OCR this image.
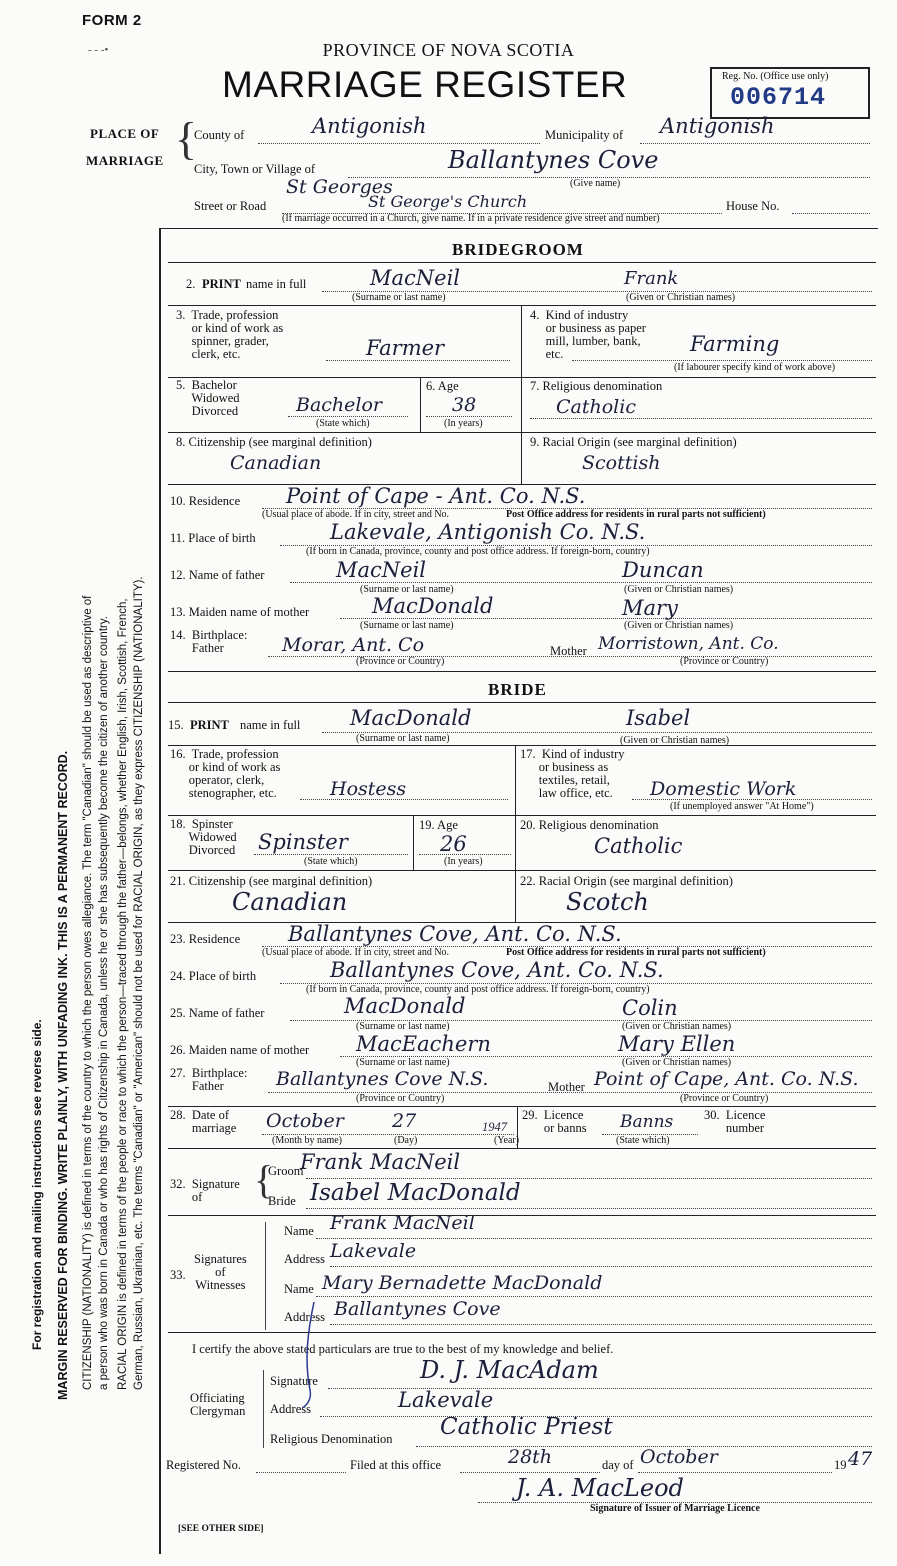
FORM 2
- - -•	PROVINCE OF NOVA SCOTIA
MARRIAGE REGISTER	Reg. No. (Office use only)
006714
PLACE OF
MARRIAGE {
County of	Antigonish	Municipality of Antigonish
City, Town or Village of	Ballantynes Cove
(Give name)
St Georges
Street or Road	St George's Church	House No.
(If marriage occurred in a Church, give name. If in a private residence give street and number)
For registration and mailing instructions see reverse side. MARGIN RESERVED FOR BINDING. WRITE PLAINLY, WITH UNFADING INK. THIS IS A PERMANENT RECORD. CITIZENSHIP (NATIONALITY) is defined in terms of the country to which the person owes allegiance. The term "Canadian" should be used as descriptive of a person who was born in Canada or who has rights of Citizenship in Canada, unless he or she has subsequently become the citizen of another country. RACIAL ORIGIN is defined in terms of the people or race to which the person—traced through the father—belongs, whether English, Irish, Scottish, French, German, Russian, Ukrainian, etc. The terms "Canadian" or "American" should not be used for RACIAL ORIGIN, as they express CITIZENSHIP (NATIONALITY).
BRIDEGROOM
2. PRINT name in full	MacNeil	Frank
(Surname or last name)	(Given or Christian names)
3.  Trade, profession
or kind of work as
spinner, grader,
clerk, etc.	Farmer
4.  Kind of industry
or business as paper
mill, lumber, bank,
etc.	Farming
(If labourer specify kind of work above)
5.  Bachelor
Widowed
Divorced	Bachelor
(State which)
6. Age
38
(In years)
7. Religious denomination
Catholic
8. Citizenship (see marginal definition)
Canadian
9. Racial Origin (see marginal definition)
Scottish
10. Residence Point of Cape - Ant. Co. N.S.
(Usual place of abode. If in city, street and No.	Post Office address for residents in rural parts not sufficient)
11. Place of birth	Lakevale, Antigonish Co. N.S.
(If born in Canada, province, county and post office address. If foreign-born, country)
12. Name of father	MacNeil	Duncan
(Surname or last name)	(Given or Christian names)
13. Maiden name of mother	MacDonald	Mary
(Surname or last name)	(Given or Christian names)
14.  Birthplace:
Father	Morar, Ant. Co	Mother Morristown, Ant. Co.
(Province or Country)	(Province or Country)
BRIDE
15. PRINT name in full MacDonald	Isabel
(Surname or last name)	(Given or Christian names)
16.  Trade, profession
or kind of work as
operator, clerk,
stenographer, etc.	Hostess
17.  Kind of industry
or business as
textiles, retail,
law office, etc.	Domestic Work
(If unemployed answer "At Home")
18.  Spinster
Widowed
Divorced Spinster
(State which)
19. Age
26
(In years)
20. Religious denomination
Catholic
21. Citizenship (see marginal definition)
Canadian
22. Racial Origin (see marginal definition)
Scotch
23. Residence Ballantynes Cove, Ant. Co. N.S.
(Usual place of abode. If in city, street and No.	Post Office address for residents in rural parts not sufficient)
24. Place of birth	Ballantynes Cove, Ant. Co. N.S.
(If born in Canada, province, county and post office address. If foreign-born, country)
25. Name of father	MacDonald	Colin
(Surname or last name)	(Given or Christian names)
26. Maiden name of mother MacEachern	Mary Ellen
(Surname or last name)	(Given or Christian names)
27.  Birthplace:
Father	Ballantynes Cove N.S.	Mother Point of Cape, Ant. Co. N.S.
(Province or Country)	(Province or Country)
28.  Date of
marriage October	27	1947
(Month by name)	(Day)	(Year)
29.  Licence
or banns Banns
(State which)
30.  Licence
number
32.  Signature
of	{
Groom
Frank MacNeil
Bride Isabel MacDonald
33.
Signatures
of
Witnesses
Name Frank MacNeil
Address Lakevale
Name Mary Bernadette MacDonald
Address Ballantynes Cove
I certify the above stated particulars are true to the best of my knowledge and belief.
Officiating
Clergyman
Signature	D. J. MacAdam
Address	Lakevale
Religious Denomination Catholic Priest
Registered No.	Filed at this office	28th	day of October	19 47
J. A. MacLeod
Signature of Issuer of Marriage Licence
[SEE OTHER SIDE]
